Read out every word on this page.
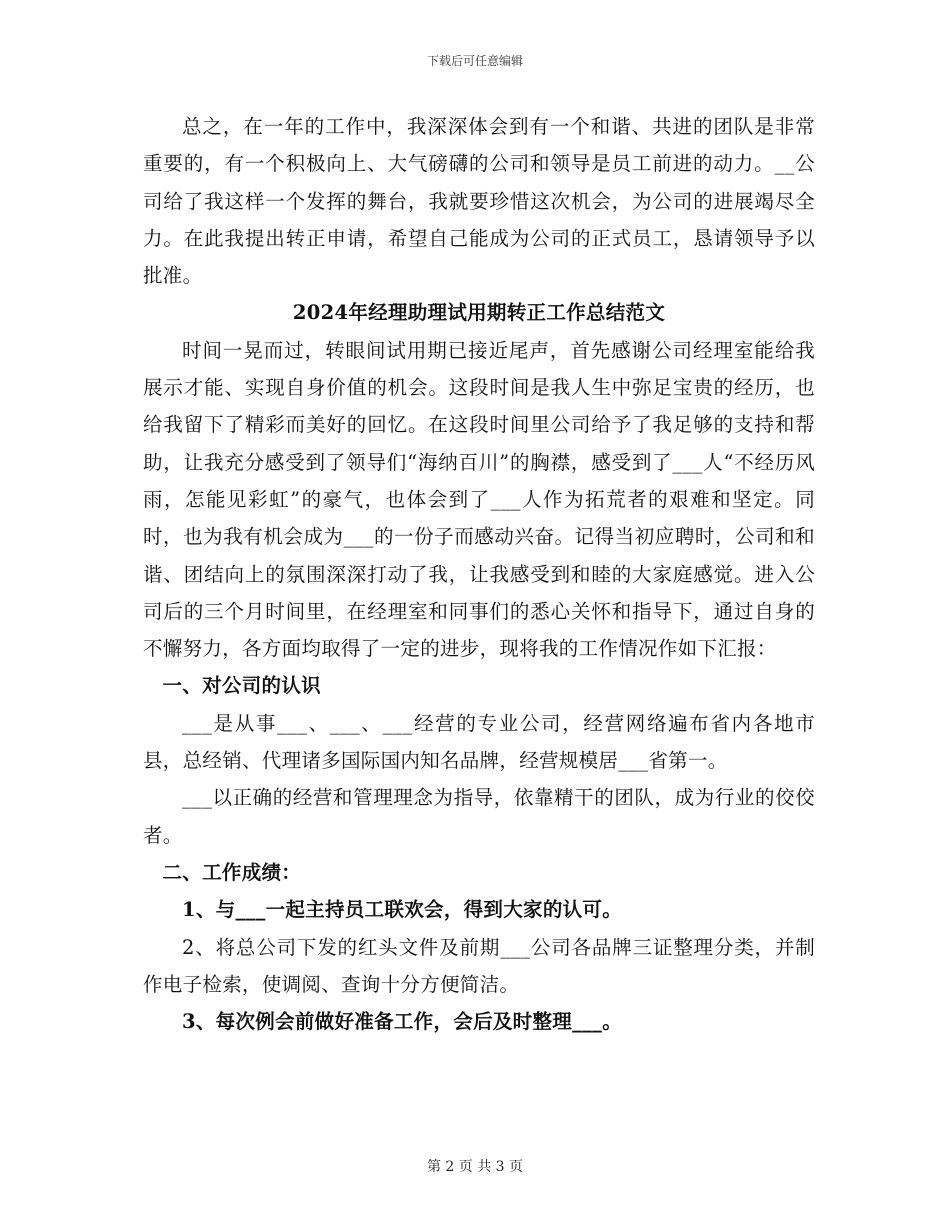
下载后可任意编辑

总之，在一年的工作中，我深深体会到有一个和谐、共进的团队是非常重要的，有一个积极向上、大气磅礴的公司和领导是员工前进的动力。__公司给了我这样一个发挥的舞台，我就要珍惜这次机会，为公司的进展竭尽全力。在此我提出转正申请，希望自己能成为公司的正式员工，恳请领导予以批准。

2024年经理助理试用期转正工作总结范文

时间一晃而过，转眼间试用期已接近尾声，首先感谢公司经理室能给我展示才能、实现自身价值的机会。这段时间是我人生中弥足宝贵的经历，也给我留下了精彩而美好的回忆。在这段时间里公司给予了我足够的支持和帮助，让我充分感受到了领导们“海纳百川”的胸襟，感受到了___人“不经历风雨，怎能见彩虹”的豪气，也体会到了___人作为拓荒者的艰难和坚定。同时，也为我有机会成为___的一份子而感动兴奋。记得当初应聘时，公司和和谐、团结向上的氛围深深打动了我，让我感受到和睦的大家庭感觉。进入公司后的三个月时间里，在经理室和同事们的悉心关怀和指导下，通过自身的不懈努力，各方面均取得了一定的进步，现将我的工作情况作如下汇报：

一、对公司的认识

___是从事___、___、___经营的专业公司，经营网络遍布省内各地市县，总经销、代理诸多国际国内知名品牌，经营规模居___省第一。

___以正确的经营和管理理念为指导，依靠精干的团队，成为行业的佼佼者。

二、工作成绩：

1、与___一起主持员工联欢会，得到大家的认可。

2、将总公司下发的红头文件及前期___公司各品牌三证整理分类，并制作电子检索，使调阅、查询十分方便简洁。

3、每次例会前做好准备工作，会后及时整理___。

第 2 页 共 3 页
